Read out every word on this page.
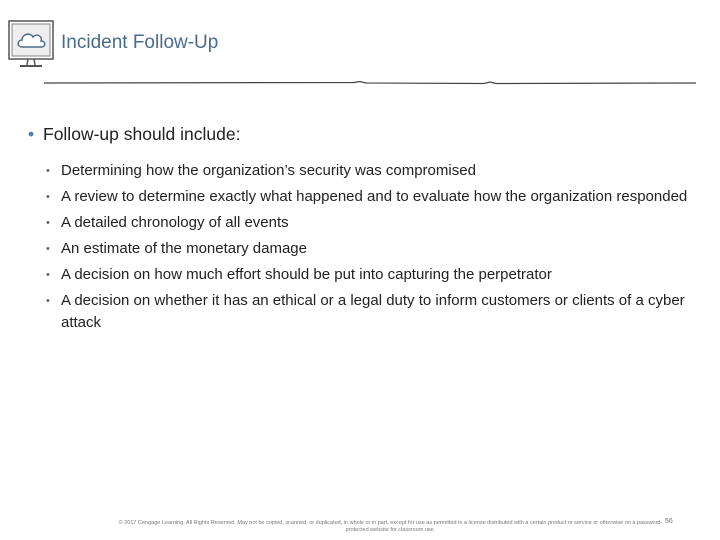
Incident Follow-Up
• Follow-up should include:
• Determining how the organization’s security was compromised
• A review to determine exactly what happened and to evaluate how the organization responded
• A detailed chronology of all events
• An estimate of the monetary damage
• A decision on how much effort should be put into capturing the perpetrator
• A decision on whether it has an ethical or a legal duty to inform customers or clients of a cyber attack
© 2017 Cengage Learning. All Rights Reserved. May not be copied, scanned, or duplicated, in whole or in part, except for use as permitted in a license distributed with a certain product or service or otherwise on a password-protected website for classroom use.
56
